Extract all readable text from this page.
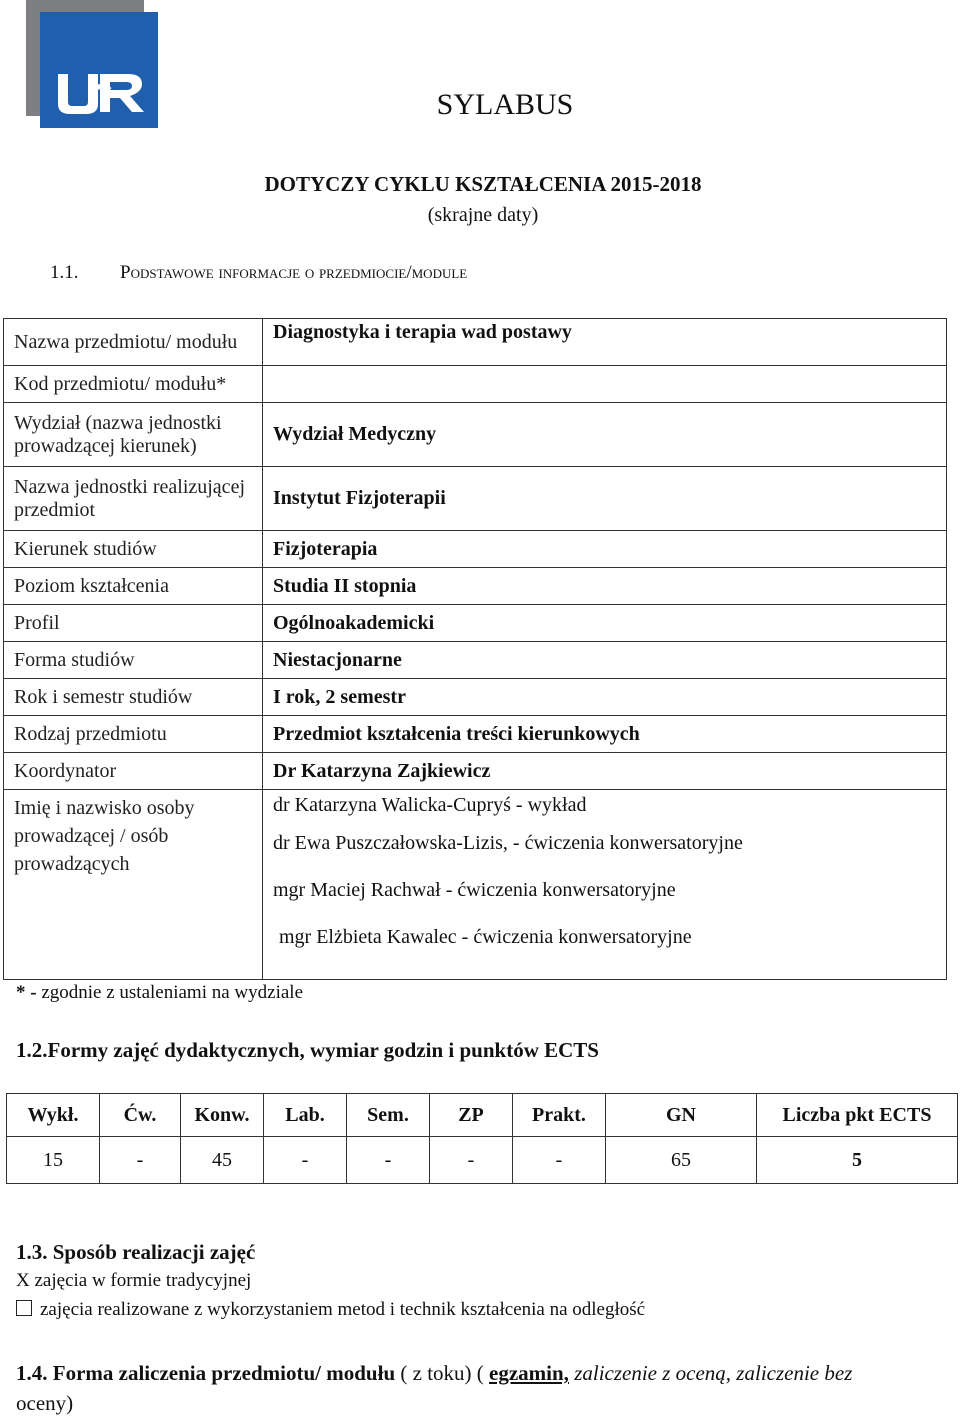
SYLABUS
DOTYCZY CYKLU KSZTAŁCENIA 2015-2018
(skrajne daty)
1.1. Podstawowe informacje o przedmiocie/module
Nazwa przedmiotu/ modułu	Diagnostyka i terapia wad postawy
Kod przedmiotu/ modułu*	
Wydział (nazwa jednostki prowadzącej kierunek)	Wydział Medyczny
Nazwa jednostki realizującej przedmiot	Instytut Fizjoterapii
Kierunek studiów	Fizjoterapia
Poziom kształcenia	Studia II stopnia
Profil	Ogólnoakademicki
Forma studiów	Niestacjonarne
Rok i semestr studiów	I rok, 2 semestr
Rodzaj przedmiotu	Przedmiot kształcenia treści kierunkowych
Koordynator	Dr Katarzyna Zajkiewicz
Imię i nazwisko osoby prowadzącej / osób prowadzących	dr Katarzyna Walicka-Cupryś - wykład
dr Ewa Puszczałowska-Lizis, - ćwiczenia konwersatoryjne
mgr Maciej Rachwał - ćwiczenia konwersatoryjne
mgr Elżbieta Kawalec - ćwiczenia konwersatoryjne
* - zgodnie z ustaleniami na wydziale
1.2.Formy zajęć dydaktycznych, wymiar godzin i punktów ECTS
Wykł.	Ćw.	Konw.	Lab.	Sem.	ZP	Prakt.	GN	Liczba pkt ECTS
15	-	45	-	-	-	-	65	5
1.3. Sposób realizacji zajęć
X zajęcia w formie tradycyjnej
zajęcia realizowane z wykorzystaniem metod i technik kształcenia na odległość
1.4. Forma zaliczenia przedmiotu/ modułu ( z toku) ( egzamin, zaliczenie z oceną, zaliczenie bez
oceny)
